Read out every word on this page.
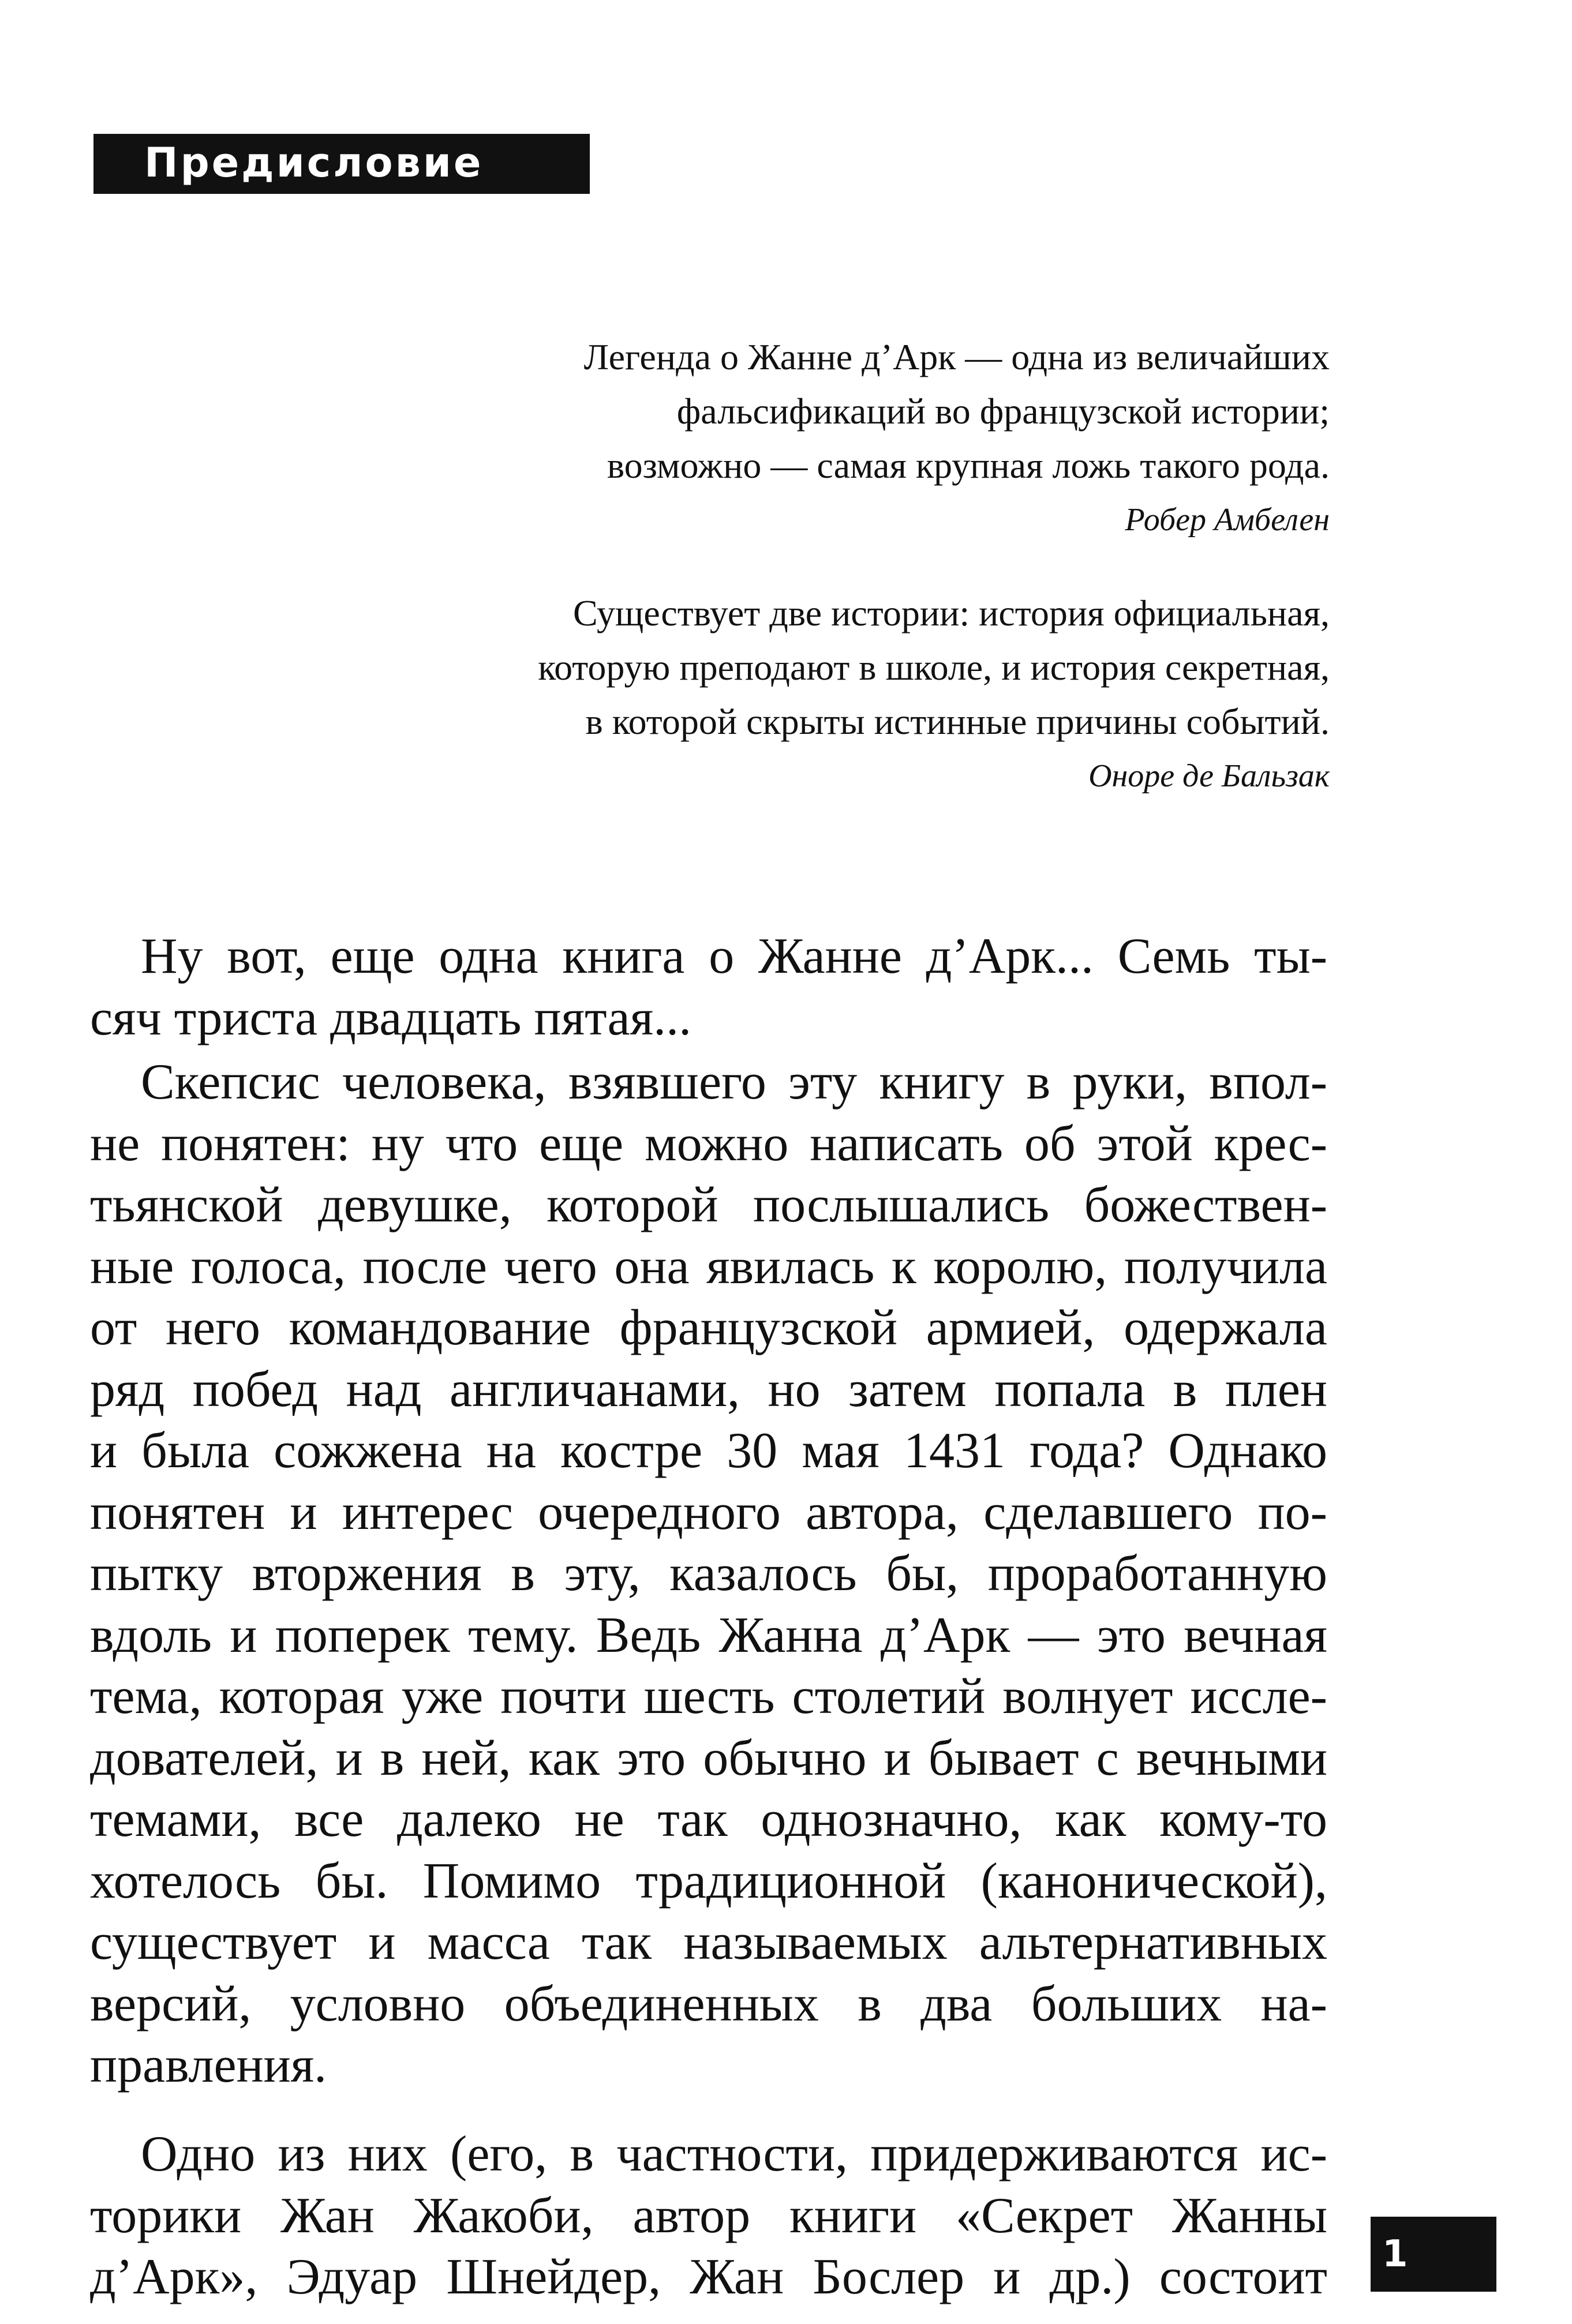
Предисловие
Легенда о Жанне д’Арк — одна из величайших
фальсификаций во французской истории;
возможно — самая крупная ложь такого рода.
Робер Амбелен
Существует две истории: история официальная,
которую преподают в школе, и история секретная,
в которой скрыты истинные причины событий.
Оноре де Бальзак
Ну вот, еще одна книга о Жанне д’Арк... Семь ты-
сяч триста двадцать пятая...
Скепсис человека, взявшего эту книгу в руки, впол-
не понятен: ну что еще можно написать об этой крес-
тьянской девушке, которой послышались божествен-
ные голоса, после чего она явилась к королю, получила
от него командование французской армией, одержала
ряд побед над англичанами, но затем попала в плен
и была сожжена на костре 30 мая 1431 года? Однако
понятен и интерес очередного автора, сделавшего по-
пытку вторжения в эту, казалось бы, проработанную
вдоль и поперек тему. Ведь Жанна д’Арк — это вечная
тема, которая уже почти шесть столетий волнует иссле-
дователей, и в ней, как это обычно и бывает с вечными
темами, все далеко не так однозначно, как кому-то
хотелось бы. Помимо традиционной (канонической),
существует и масса так называемых альтернативных
версий, условно объединенных в два больших на-
правления.
Одно из них (его, в частности, придерживаются ис-
торики Жан Жакоби, автор книги «Секрет Жанны
д’Арк», Эдуар Шнейдер, Жан Бослер и др.) состоит 1
